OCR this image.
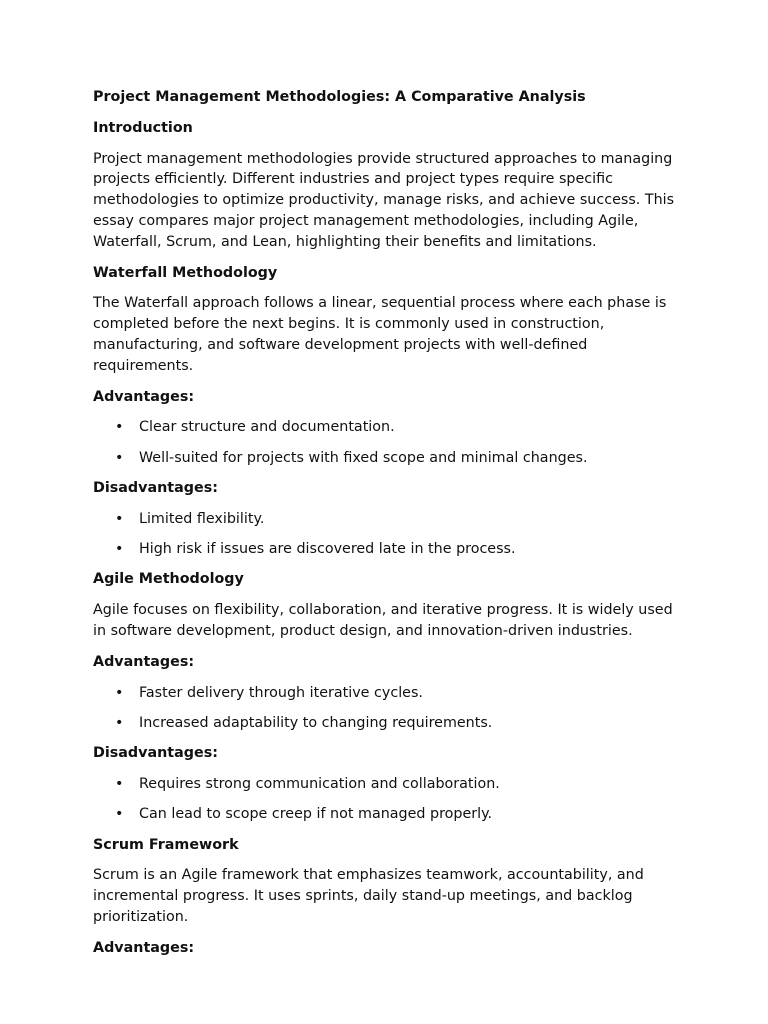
Project Management Methodologies: A Comparative Analysis
Introduction
Project management methodologies provide structured approaches to managing projects efficiently. Different industries and project types require specific methodologies to optimize productivity, manage risks, and achieve success. This essay compares major project management methodologies, including Agile, Waterfall, Scrum, and Lean, highlighting their benefits and limitations.
Waterfall Methodology
The Waterfall approach follows a linear, sequential process where each phase is completed before the next begins. It is commonly used in construction, manufacturing, and software development projects with well-defined requirements.
Advantages:
• Clear structure and documentation.
• Well-suited for projects with fixed scope and minimal changes.
Disadvantages:
• Limited flexibility.
• High risk if issues are discovered late in the process.
Agile Methodology
Agile focuses on flexibility, collaboration, and iterative progress. It is widely used in software development, product design, and innovation-driven industries.
Advantages:
• Faster delivery through iterative cycles.
• Increased adaptability to changing requirements.
Disadvantages:
• Requires strong communication and collaboration.
• Can lead to scope creep if not managed properly.
Scrum Framework
Scrum is an Agile framework that emphasizes teamwork, accountability, and incremental progress. It uses sprints, daily stand-up meetings, and backlog prioritization.
Advantages:
